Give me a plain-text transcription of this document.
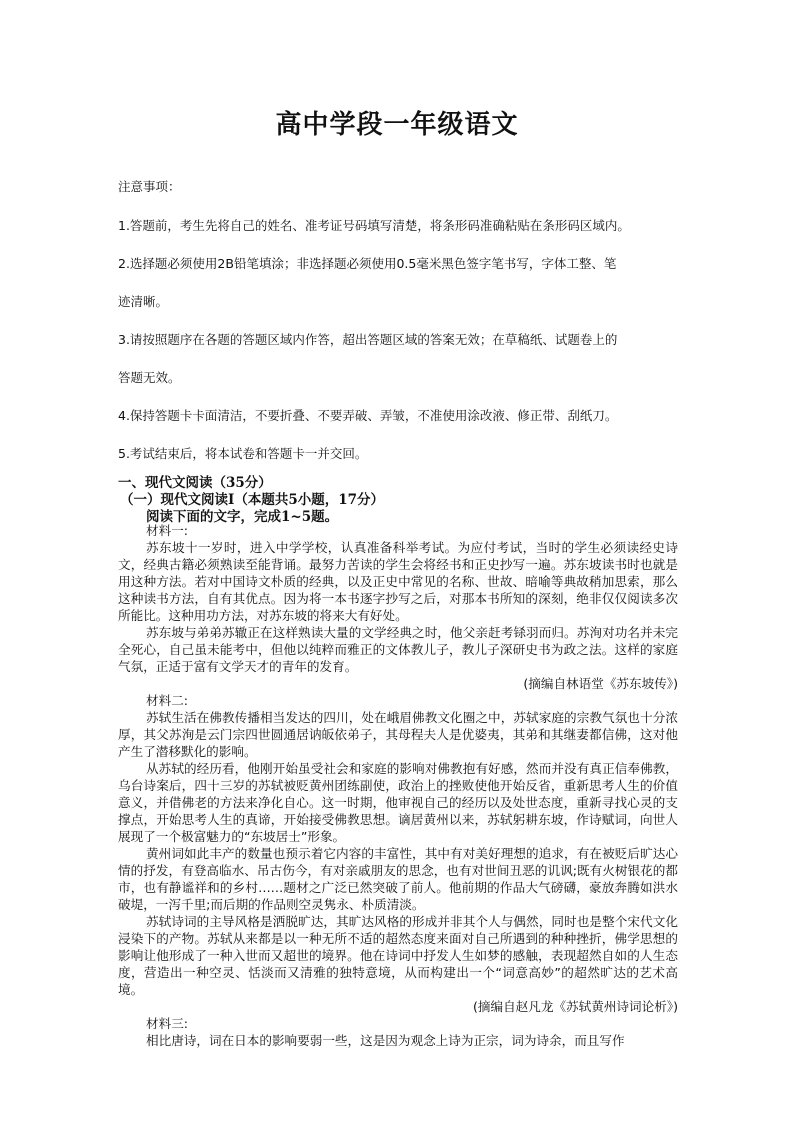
高中学段一年级语文
注意事项：
1.答题前，考生先将自己的姓名、准考证号码填写清楚，将条形码准确粘贴在条形码区域内。
2.选择题必须使用2B铅笔填涂；非选择题必须使用0.5毫米黑色签字笔书写，字体工整、笔
迹清晰。
3.请按照题序在各题的答题区域内作答，超出答题区域的答案无效；在草稿纸、试题卷上的
答题无效。
4.保持答题卡卡面清洁，不要折叠、不要弄破、弄皱，不准使用涂改液、修正带、刮纸刀。
5.考试结束后，将本试卷和答题卡一并交回。
一、现代文阅读（35分）
（一）现代文阅读Ⅰ（本题共5小题，17分）
阅读下面的文字，完成1~5题。
材料一:

苏东坡十一岁时，进入中学学校，认真准备科举考试。为应付考试，当时的学生必须读经史诗文，经典古籍必须熟读至能背诵。最努力苦读的学生会将经书和正史抄写一遍。苏东坡读书时也就是用这种方法。若对中国诗文朴质的经典，以及正史中常见的名称、世故、暗喻等典故稍加思索，那么这种读书方法，自有其优点。因为将一本书逐字抄写之后，对那本书所知的深刻，绝非仅仅阅读多次所能比。这种用功方法，对苏东坡的将来大有好处。

苏东坡与弟弟苏辙正在这样熟读大量的文学经典之时，他父亲赶考铩羽而归。苏洵对功名并未完全死心，自己虽未能考中，但他以纯粹而雅正的文体教儿子，教儿子深研史书为政之法。这样的家庭气氛，正适于富有文学天才的青年的发育。

(摘编自林语堂《苏东坡传》)
材料二:

苏轼生活在佛教传播相当发达的四川，处在峨眉佛教文化圈之中，苏轼家庭的宗教气氛也十分浓厚，其父苏洵是云门宗四世圆通居讷皈依弟子，其母程夫人是优婆夷，其弟和其继妻都信佛，这对他产生了潜移默化的影响。

从苏轼的经历看，他刚开始虽受社会和家庭的影响对佛教抱有好感，然而并没有真正信奉佛教，乌台诗案后，四十三岁的苏轼被贬黄州团练副使，政治上的挫败使他开始反省，重新思考人生的价值意义，并借佛老的方法来净化自心。这一时期，他审视自己的经历以及处世态度，重新寻找心灵的支撑点，开始思考人生的真谛，开始接受佛教思想。谪居黄州以来，苏轼躬耕东坡，作诗赋词，向世人展现了一个极富魅力的“东坡居士”形象。

黄州词如此丰产的数量也预示着它内容的丰富性，其中有对美好理想的追求，有在被贬后旷达心情的抒发，有登高临水、吊古伤今，有对亲戚朋友的思念，也有对世间丑恶的讥讽;既有火树银花的都市，也有静谧祥和的乡村……题材之广泛已然突破了前人。他前期的作品大气磅礴，豪放奔腾如洪水破堤，一泻千里;而后期的作品则空灵隽永、朴质清淡。

苏轼诗词的主导风格是洒脱旷达，其旷达风格的形成并非其个人与偶然，同时也是整个宋代文化浸染下的产物。苏轼从来都是以一种无所不适的超然态度来面对自己所遇到的种种挫折，佛学思想的影响让他形成了一种入世而又超世的境界。他在诗词中抒发人生如梦的感触，表现超然自如的人生态度，营造出一种空灵、恬淡而又清雅的独特意境，从而构建出一个“词意高妙”的超然旷达的艺术高境。

(摘编自赵凡龙《苏轼黄州诗词论析》)
材料三:

相比唐诗，词在日本的影响要弱一些，这是因为观念上诗为正宗，词为诗余，而且写作
